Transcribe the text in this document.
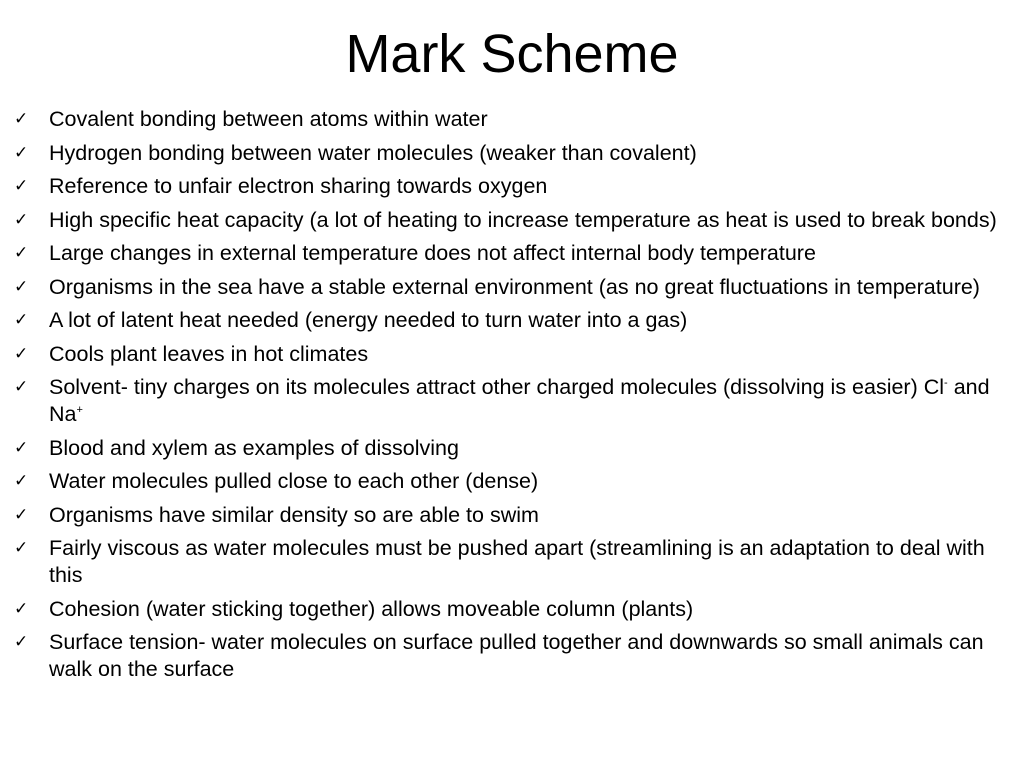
Mark Scheme
✓ Covalent bonding between atoms within water
✓ Hydrogen bonding between water molecules (weaker than covalent)
✓ Reference to unfair electron sharing towards oxygen
✓ High specific heat capacity (a lot of heating to increase temperature as heat is used to break bonds)
✓ Large changes in external temperature does not affect internal body temperature
✓ Organisms in the sea have a stable external environment (as no great fluctuations in temperature)
✓ A lot of latent heat needed (energy needed to turn water into a gas)
✓ Cools plant leaves in hot climates
✓ Solvent- tiny charges on its molecules attract other charged molecules (dissolving is easier) Cl- and Na+
✓ Blood and xylem as examples of dissolving
✓ Water molecules pulled close to each other (dense)
✓ Organisms have similar density so are able to swim
✓ Fairly viscous as water molecules must be pushed apart (streamlining is an adaptation to deal with this
✓ Cohesion (water sticking together) allows moveable column (plants)
✓ Surface tension- water molecules on surface pulled together and downwards so small animals can walk on the surface
